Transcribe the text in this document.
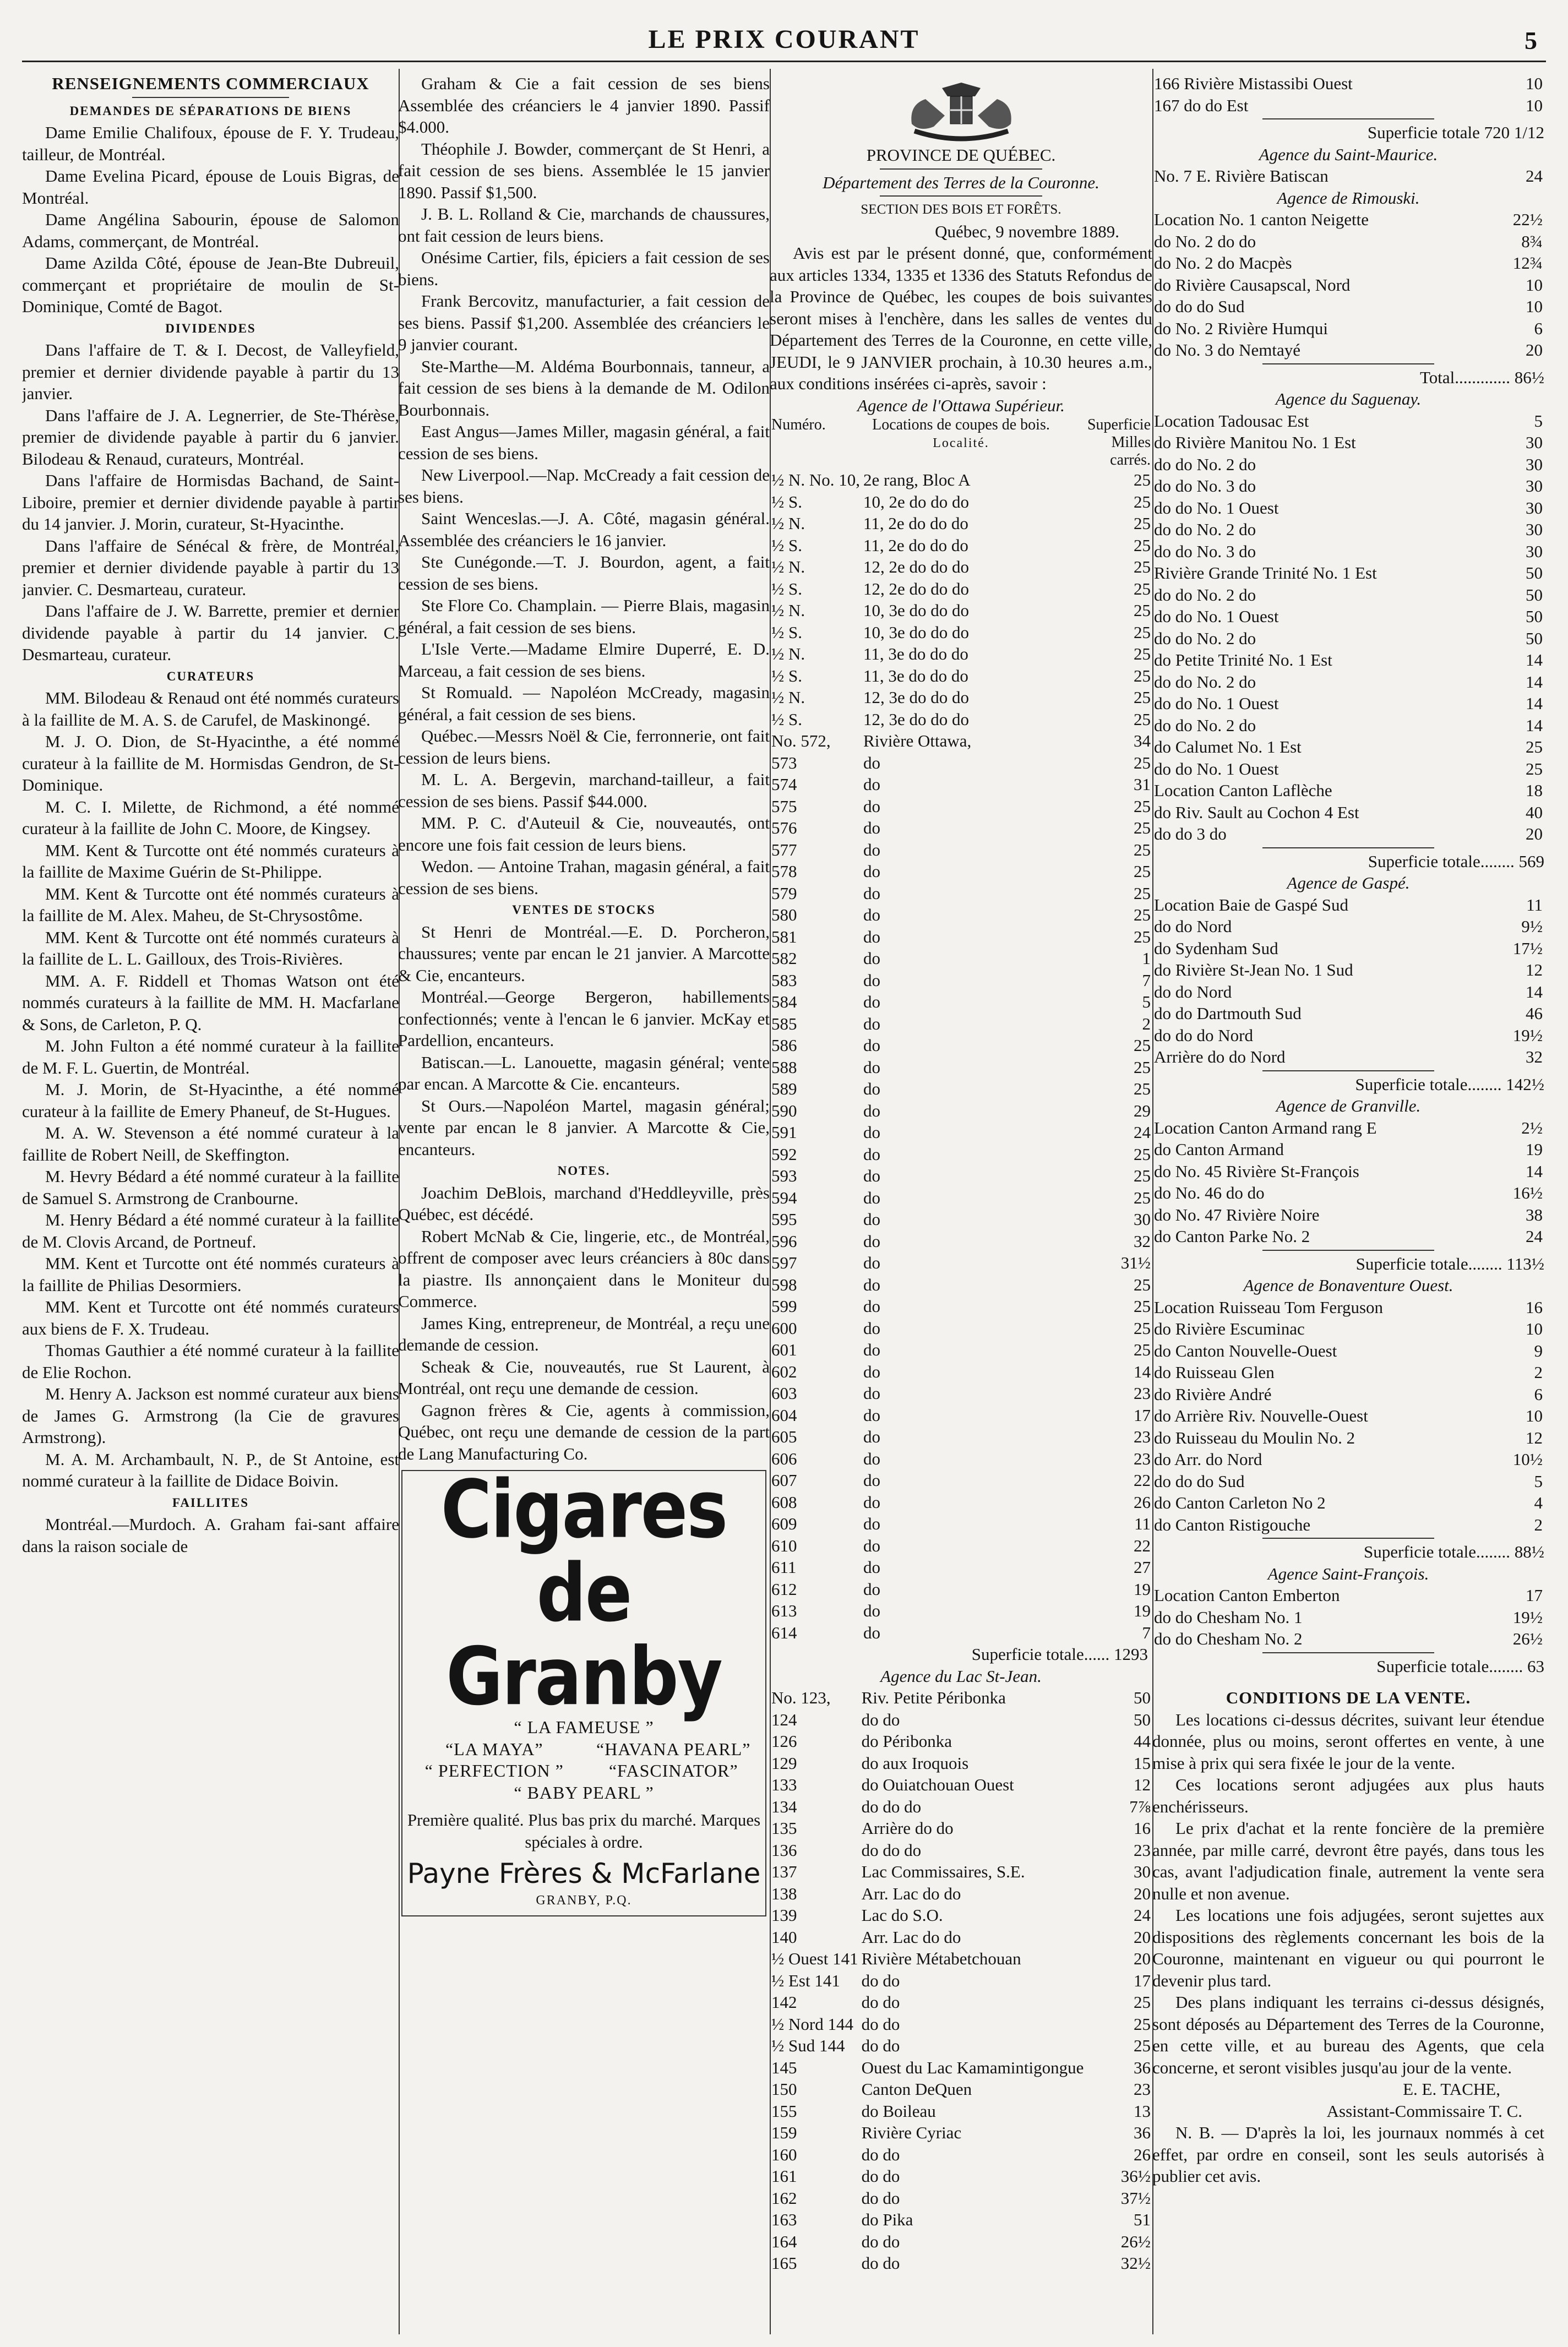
LE PRIX COURANT	5
RENSEIGNEMENTS COMMERCIAUX
DEMANDES DE SÉPARATIONS DE BIENS
Dame Emilie Chalifoux, épouse de F. Y. Trudeau, tailleur, de Montréal.
Dame Evelina Picard, épouse de Louis Bigras, de Montréal.
Dame Angélina Sabourin, épouse de Salomon Adams, commerçant, de Montréal.
Dame Azilda Côté, épouse de Jean-Bte Dubreuil, commerçant et propriétaire de moulin de St-Dominique, Comté de Bagot.
DIVIDENDES
Dans l'affaire de T. & I. Decost, de Valleyfield, premier et dernier dividende payable à partir du 13 janvier.
Dans l'affaire de J. A. Legnerrier, de Ste-Thérèse, premier de dividende payable à partir du 6 janvier. Bilodeau & Renaud, curateurs, Montréal.
Dans l'affaire de Hormisdas Bachand, de Saint-Liboire, premier et dernier dividende payable à partir du 14 janvier. J. Morin, curateur, St-Hyacinthe.
Dans l'affaire de Sénécal & frère, de Montréal, premier et dernier dividende payable à partir du 13 janvier. C. Desmarteau, curateur.
Dans l'affaire de J. W. Barrette, premier et dernier dividende payable à partir du 14 janvier. C. Desmarteau, curateur.
CURATEURS
MM. Bilodeau & Renaud ont été nommés curateurs à la faillite de M. A. S. de Carufel, de Maskinongé.
M. J. O. Dion, de St-Hyacinthe, a été nommé curateur à la faillite de M. Hormisdas Gendron, de St-Dominique.
M. C. I. Milette, de Richmond, a été nommé curateur à la faillite de John C. Moore, de Kingsey.
MM. Kent & Turcotte ont été nommés curateurs à la faillite de Maxime Guérin de St-Philippe.
MM. Kent & Turcotte ont été nommés curateurs à la faillite de M. Alex. Maheu, de St-Chrysostôme.
MM. Kent & Turcotte ont été nommés curateurs à la faillite de L. L. Gailloux, des Trois-Rivières.
MM. A. F. Riddell et Thomas Watson ont été nommés curateurs à la faillite de MM. H. Macfarlane & Sons, de Carleton, P. Q.
M. John Fulton a été nommé curateur à la faillite de M. F. L. Guertin, de Montréal.
M. J. Morin, de St-Hyacinthe, a été nommé curateur à la faillite de Emery Phaneuf, de St-Hugues.
M. A. W. Stevenson a été nommé curateur à la faillite de Robert Neill, de Skeffington.
M. Hevry Bédard a été nommé curateur à la faillite de Samuel S. Armstrong de Cranbourne.
M. Henry Bédard a été nommé curateur à la faillite de M. Clovis Arcand, de Portneuf.
MM. Kent et Turcotte ont été nommés curateurs à la faillite de Philias Desormiers.
MM. Kent et Turcotte ont été nommés curateurs aux biens de F. X. Trudeau.
Thomas Gauthier a été nommé curateur à la faillite de Elie Rochon.
M. Henry A. Jackson est nommé curateur aux biens de James G. Armstrong (la Cie de gravures Armstrong).
M. A. M. Archambault, N. P., de St Antoine, est nommé curateur à la faillite de Didace Boivin.
FAILLITES
Montréal.—Murdoch. A. Graham fai-sant affaire dans la raison sociale de
Graham & Cie a fait cession de ses biens Assemblée des créanciers le 4 janvier 1890. Passif $4.000.
Théophile J. Bowder, commerçant de St Henri, a fait cession de ses biens. Assemblée le 15 janvier 1890. Passif $1,500.
J. B. L. Rolland & Cie, marchands de chaussures, ont fait cession de leurs biens.
Onésime Cartier, fils, épiciers a fait cession de ses biens.
Frank Bercovitz, manufacturier, a fait cession de ses biens. Passif $1,200. Assemblée des créanciers le 9 janvier courant.
Ste-Marthe—M. Aldéma Bourbonnais, tanneur, a fait cession de ses biens à la demande de M. Odilon Bourbonnais.
East Angus—James Miller, magasin général, a fait cession de ses biens.
New Liverpool.—Nap. McCready a fait cession de ses biens.
Saint Wenceslas.—J. A. Côté, magasin général. Assemblée des créanciers le 16 janvier.
Ste Cunégonde.—T. J. Bourdon, agent, a fait cession de ses biens.
Ste Flore Co. Champlain. — Pierre Blais, magasin général, a fait cession de ses biens.
L'Isle Verte.—Madame Elmire Duperré, E. D. Marceau, a fait cession de ses biens.
St Romuald. — Napoléon McCready, magasin général, a fait cession de ses biens.
Québec.—Messrs Noël & Cie, ferronnerie, ont fait cession de leurs biens.
M. L. A. Bergevin, marchand-tailleur, a fait cession de ses biens. Passif $44.000.
MM. P. C. d'Auteuil & Cie, nouveautés, ont encore une fois fait cession de leurs biens.
Wedon. — Antoine Trahan, magasin général, a fait cession de ses biens.
VENTES DE STOCKS
St Henri de Montréal.—E. D. Porcheron, chaussures; vente par encan le 21 janvier. A Marcotte & Cie, encanteurs.
Montréal.—George Bergeron, habillements confectionnés; vente à l'encan le 6 janvier. McKay et Pardellion, encanteurs.
Batiscan.—L. Lanouette, magasin général; vente par encan. A Marcotte & Cie. encanteurs.
St Ours.—Napoléon Martel, magasin général; vente par encan le 8 janvier. A Marcotte & Cie, encanteurs.
NOTES.
Joachim DeBlois, marchand d'Heddleyville, près Québec, est décédé.
Robert McNab & Cie, lingerie, etc., de Montréal, offrent de composer avec leurs créanciers à 80c dans la piastre. Ils annonçaient dans le Moniteur du Commerce.
James King, entrepreneur, de Montréal, a reçu une demande de cession.
Scheak & Cie, nouveautés, rue St Laurent, à Montréal, ont reçu une demande de cession.
Gagnon frères & Cie, agents à commission, Québec, ont reçu une demande de cession de la part de Lang Manufacturing Co.
Cigares de Granby
“ LA FAMEUSE ”
“LA MAYA”	“HAVANA PEARL”
“ PERFECTION ”	“FASCINATOR”
“ BABY PEARL ”
Première qualité. Plus bas prix du marché. Marques spéciales à ordre.
Payne Frères & McFarlane
GRANBY, P.Q.
PROVINCE DE QUÉBEC.
Département des Terres de la Couronne.
SECTION DES BOIS ET FORÊTS.
Québec, 9 novembre 1889.
Avis est par le présent donné, que, conformément aux articles 1334, 1335 et 1336 des Statuts Refondus de la Province de Québec, les coupes de bois suivantes seront mises à l'enchère, dans les salles de ventes du Département des Terres de la Couronne, en cette ville, JEUDI, le 9 JANVIER prochain, à 10.30 heures a.m., aux conditions insérées ci-après, savoir :
Agence de l'Ottawa Supérieur.
Numéro.	Locations de coupes de bois.
Localité.	Superficie Milles carrés.
½ N. No. 10,	2e rang, Bloc A	25
½ S.	10, 2e do do do	25
½ N.	11, 2e do do do	25
½ S.	11, 2e do do do	25
½ N.	12, 2e do do do	25
½ S.	12, 2e do do do	25
½ N.	10, 3e do do do	25
½ S.	10, 3e do do do	25
½ N.	11, 3e do do do	25
½ S.	11, 3e do do do	25
½ N.	12, 3e do do do	25
½ S.	12, 3e do do do	25
No. 572,	Rivière Ottawa,	34
573	do	25
574	do	31
575	do	25
576	do	25
577	do	25
578	do	25
579	do	25
580	do	25
581	do	25
582	do	1
583	do	7
584	do	5
585	do	2
586	do	25
588	do	25
589	do	25
590	do	29
591	do	24
592	do	25
593	do	25
594	do	25
595	do	30
596	do	32
597	do	31½
598	do	25
599	do	25
600	do	25
601	do	25
602	do	14
603	do	23
604	do	17
605	do	23
606	do	23
607	do	22
608	do	26
609	do	11
610	do	22
611	do	27
612	do	19
613	do	19
614	do	7
Superficie totale...... 1293
Agence du Lac St-Jean.
No. 123,	Riv. Petite Péribonka	50
124	do do	50
126	do Péribonka	44
129	do aux Iroquois	15
133	do Ouiatchouan Ouest	12
134	do do do	7⅞
135	Arrière do do	16
136	do do do	23
137	Lac Commissaires, S.E.	30
138	Arr. Lac do do	20
139	Lac do S.O.	24
140	Arr. Lac do do	20
½ Ouest 141	Rivière Métabetchouan	20
½ Est 141	do do	17
142	do do	25
½ Nord 144	do do	25
½ Sud 144	do do	25
145	Ouest du Lac Kamamintigongue	36
150	Canton DeQuen	23
155	do Boileau	13
159	Rivière Cyriac	36
160	do do	26
161	do do	36½
162	do do	37½
163	do Pika	51
164	do do	26½
165	do do	32½
166 Rivière Mistassibi Ouest	10
167 do do Est	10
Superficie totale 720 1/12
Agence du Saint-Maurice.
No. 7 E. Rivière Batiscan	24
Agence de Rimouski.
Location No. 1 canton Neigette	22½
do No. 2 do do	8¾
do No. 2 do Macpès	12¾
do Rivière Causapscal, Nord	10
do do do Sud	10
do No. 2 Rivière Humqui	6
do No. 3 do Nemtayé	20
Total............. 86½
Agence du Saguenay.
Location Tadousac Est	5
do Rivière Manitou No. 1 Est	30
do do No. 2 do	30
do do No. 3 do	30
do do No. 1 Ouest	30
do do No. 2 do	30
do do No. 3 do	30
Rivière Grande Trinité No. 1 Est	50
do do No. 2 do	50
do do No. 1 Ouest	50
do do No. 2 do	50
do Petite Trinité No. 1 Est	14
do do No. 2 do	14
do do No. 1 Ouest	14
do do No. 2 do	14
do Calumet No. 1 Est	25
do do No. 1 Ouest	25
Location Canton Laflèche	18
do Riv. Sault au Cochon 4 Est	40
do do 3 do	20
Superficie totale........ 569
Agence de Gaspé.
Location Baie de Gaspé Sud	11
do do Nord	9½
do Sydenham Sud	17½
do Rivière St-Jean No. 1 Sud	12
do do Nord	14
do do Dartmouth Sud	46
do do do Nord	19½
Arrière do do Nord	32
Superficie totale........ 142½
Agence de Granville.
Location Canton Armand rang E	2½
do Canton Armand	19
do No. 45 Rivière St-François	14
do No. 46 do do	16½
do No. 47 Rivière Noire	38
do Canton Parke No. 2	24
Superficie totale........ 113½
Agence de Bonaventure Ouest.
Location Ruisseau Tom Ferguson	16
do Rivière Escuminac	10
do Canton Nouvelle-Ouest	9
do Ruisseau Glen	2
do Rivière André	6
do Arrière Riv. Nouvelle-Ouest	10
do Ruisseau du Moulin No. 2	12
do Arr. do Nord	10½
do do do Sud	5
do Canton Carleton No 2	4
do Canton Ristigouche	2
Superficie totale........ 88½
Agence Saint-François.
Location Canton Emberton	17
do do Chesham No. 1	19½
do do Chesham No. 2	26½
Superficie totale........ 63
CONDITIONS DE LA VENTE.
Les locations ci-dessus décrites, suivant leur étendue donnée, plus ou moins, seront offertes en vente, à une mise à prix qui sera fixée le jour de la vente.
Ces locations seront adjugées aux plus hauts enchérisseurs.
Le prix d'achat et la rente foncière de la première année, par mille carré, devront être payés, dans tous les cas, avant l'adjudication finale, autrement la vente sera nulle et non avenue.
Les locations une fois adjugées, seront sujettes aux dispositions des règlements concernant les bois de la Couronne, maintenant en vigueur ou qui pourront le devenir plus tard.
Des plans indiquant les terrains ci-dessus désignés, sont déposés au Département des Terres de la Couronne, en cette ville, et au bureau des Agents, que cela concerne, et seront visibles jusqu'au jour de la vente.
E. E. TACHE,
Assistant-Commissaire T. C.
N. B. — D'après la loi, les journaux nommés à cet effet, par ordre en conseil, sont les seuls autorisés à publier cet avis.
